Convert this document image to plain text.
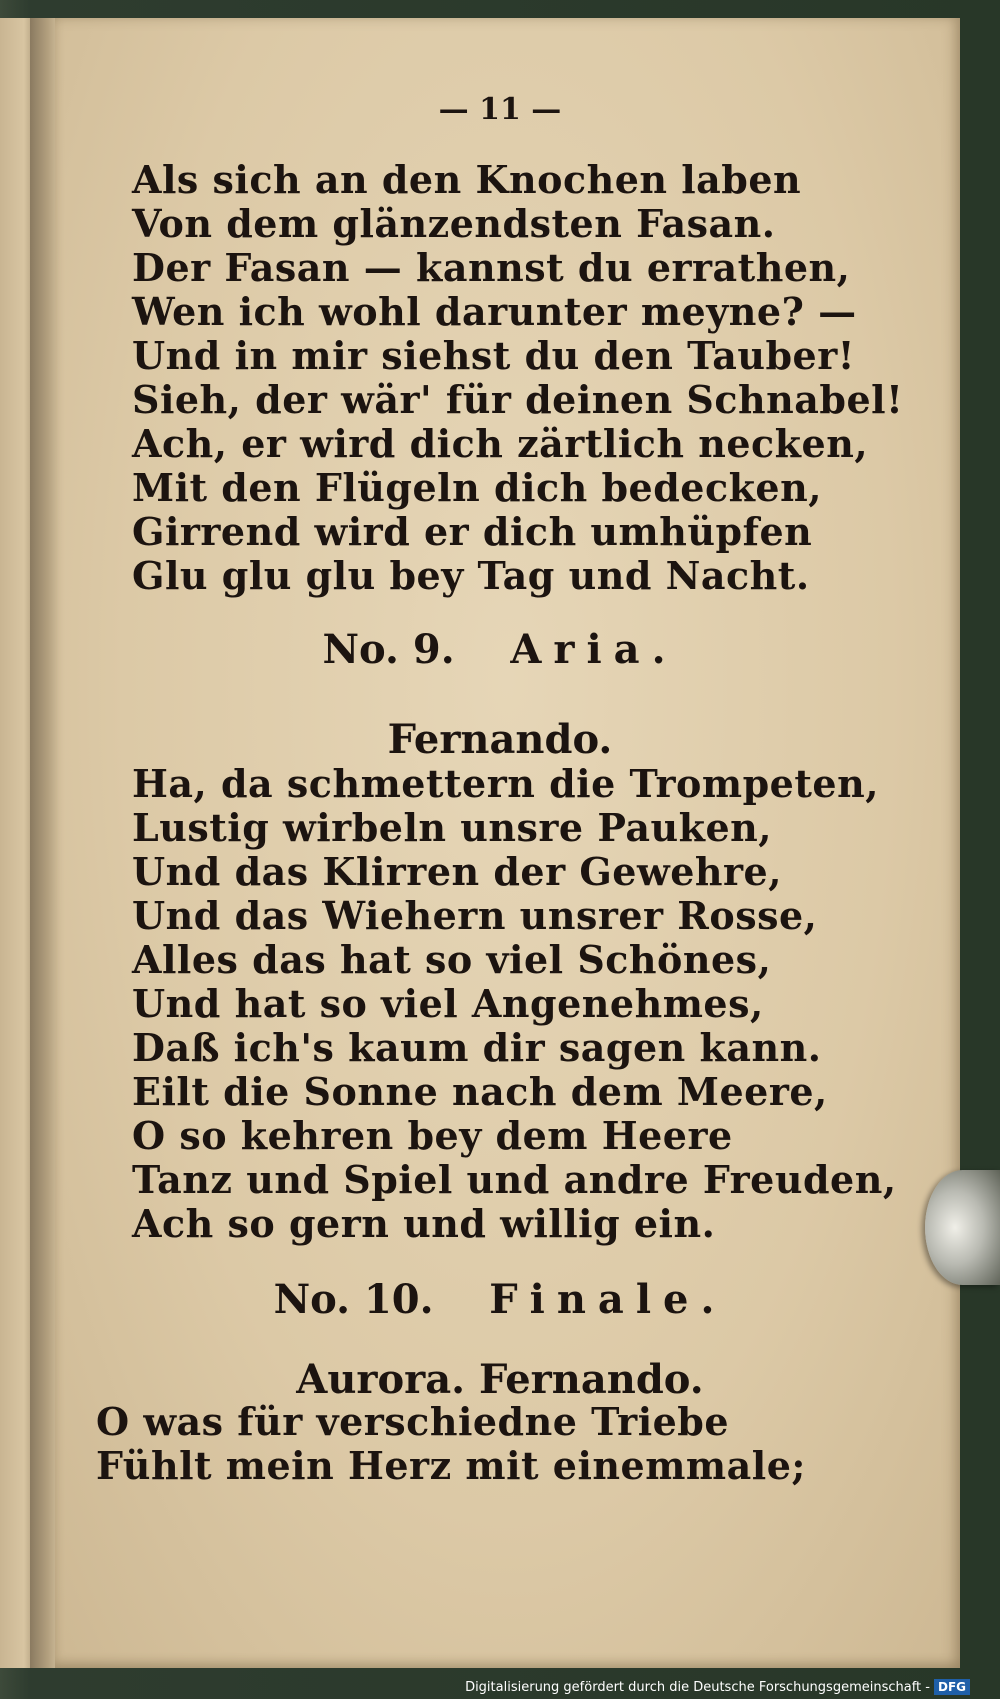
— 11 —
Als sich an den Knochen laben
Von dem glänzendsten Fasan.
Der Fasan — kannst du errathen,
Wen ich wohl darunter meyne? —
Und in mir siehst du den Tauber!
Sieh, der wär' für deinen Schnabel!
Ach, er wird dich zärtlich necken,
Mit den Flügeln dich bedecken,
Girrend wird er dich umhüpfen
Glu glu glu bey Tag und Nacht.
No. 9. Aria.
Fernando.
Ha, da schmettern die Trompeten,
Lustig wirbeln unsre Pauken,
Und das Klirren der Gewehre,
Und das Wiehern unsrer Rosse,
Alles das hat so viel Schönes,
Und hat so viel Angenehmes,
Daß ich's kaum dir sagen kann.
Eilt die Sonne nach dem Meere,
O so kehren bey dem Heere
Tanz und Spiel und andre Freuden,
Ach so gern und willig ein.
No. 10. Finale.
Aurora. Fernando.
O was für verschiedne Triebe
Fühlt mein Herz mit einemmale;
Digitalisierung gefördert durch die Deutsche Forschungsgemeinschaft - DFG
